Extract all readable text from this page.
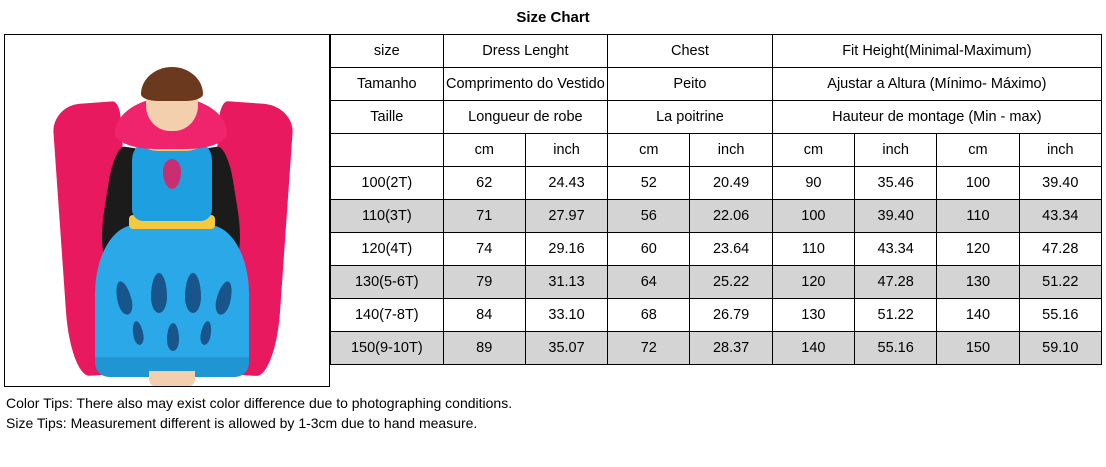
Size Chart
size	Dress Lenght		Chest		Fit Height(Minimal-Maximum)			
Tamanho	Comprimento do Vestido		Peito		Ajustar a Altura (Mínimo- Máximo)			
Taille	Longueur de robe		La poitrine		Hauteur de montage (Min - max)			
	cm	inch	cm	inch	cm	inch	cm	inch
100(2T)	62	24.43	52	20.49	90	35.46	100	39.40
110(3T)	71	27.97	56	22.06	100	39.40	110	43.34
120(4T)	74	29.16	60	23.64	110	43.34	120	47.28
130(5-6T)	79	31.13	64	25.22	120	47.28	130	51.22
140(7-8T)	84	33.10	68	26.79	130	51.22	140	55.16
150(9-10T)	89	35.07	72	28.37	140	55.16	150	59.10
Color Tips: There also may exist color difference due to photographing conditions.
Size Tips: Measurement different is allowed by 1-3cm due to hand measure.
